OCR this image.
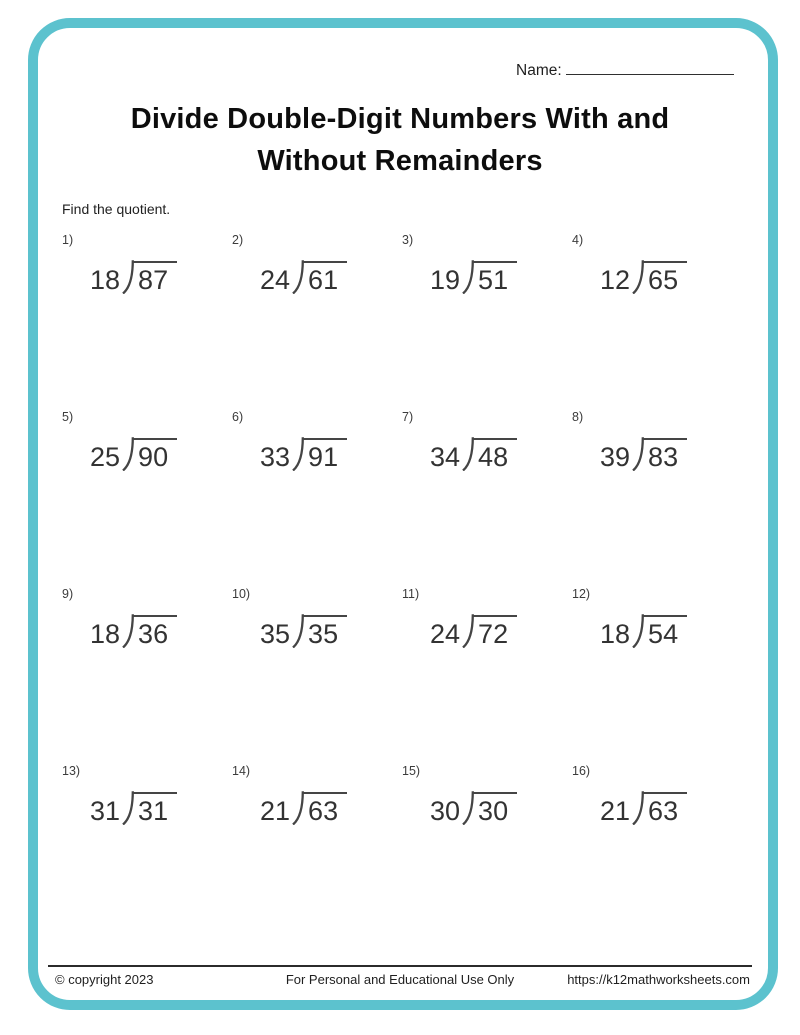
Name:
Divide Double-Digit Numbers With and
Without Remainders
Find the quotient.
1)
18 87
2)
24 61
3)
19 51
4)
12 65
5)
25 90
6)
33 91
7)
34 48
8)
39 83
9)
18 36
10)
35 35
11)
24 72
12)
18 54
13)
31 31
14)
21 63
15)
30 30
16)
21 63
© copyright 2023	For Personal and Educational Use Only	https://k12mathworksheets.com
